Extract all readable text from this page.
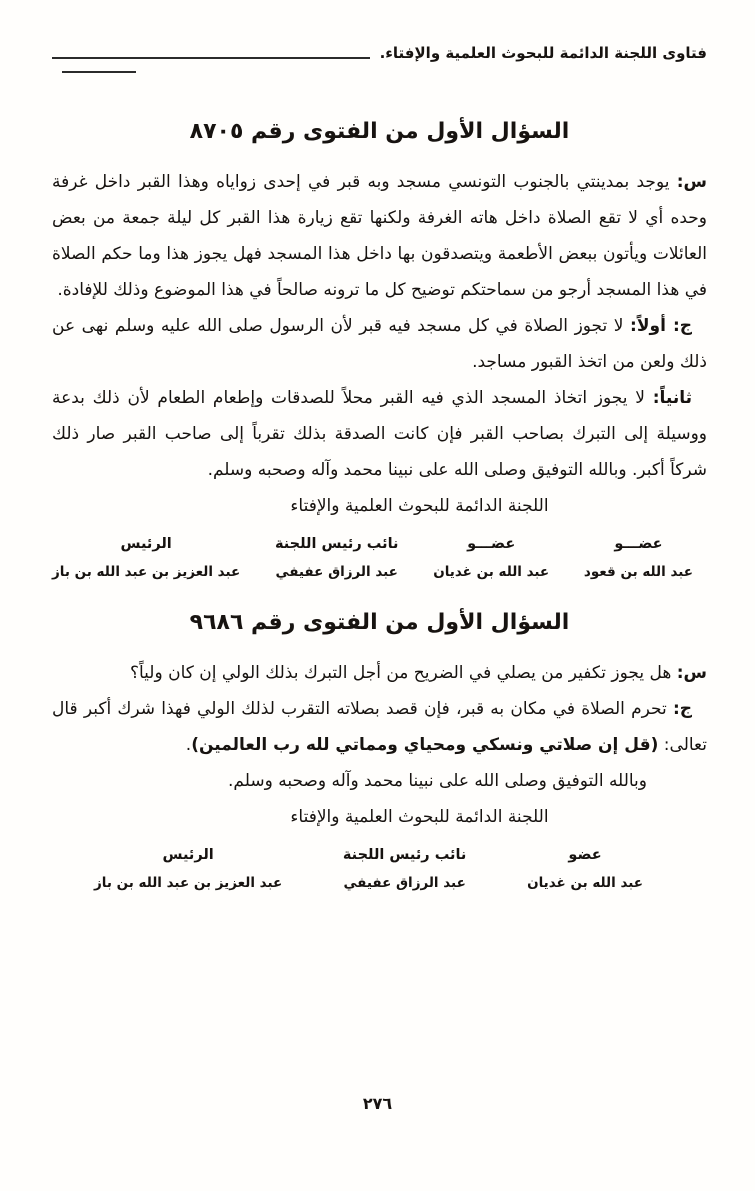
فتاوى اللجنة الدائمة للبحوث العلمية والإفتاء.
السؤال الأول من الفتوى رقم ٨٧٠٥

س: يوجد بمدينتي بالجنوب التونسي مسجد وبه قبر في إحدى زواياه وهذا القبر داخل غرفة وحده أي لا تقع الصلاة داخل هاته الغرفة ولكنها تقع زيارة هذا القبر كل ليلة جمعة من بعض العائلات ويأتون ببعض الأطعمة ويتصدقون بها داخل هذا المسجد فهل يجوز هذا وما حكم الصلاة في هذا المسجد أرجو من سماحتكم توضيح كل ما ترونه صالحاً في هذا الموضوع وذلك للإفادة.

ج: أولاً: لا تجوز الصلاة في كل مسجد فيه قبر لأن الرسول صلى الله عليه وسلم نهى عن ذلك ولعن من اتخذ القبور مساجد.

ثانياً: لا يجوز اتخاذ المسجد الذي فيه القبر محلاً للصدقات وإطعام الطعام لأن ذلك بدعة ووسيلة إلى التبرك بصاحب القبر فإن كانت الصدقة بذلك تقرباً إلى صاحب القبر صار ذلك شركاً أكبر. وبالله التوفيق وصلى الله على نبينا محمد وآله وصحبه وسلم.

اللجنة الدائمة للبحوث العلمية والإفتاء

عضـــو
عبد الله بن قعود
عضـــو
عبد الله بن غديان
نائب رئيس اللجنة
عبد الرزاق عفيفي
الرئيس
عبد العزيز بن عبد الله بن باز
السؤال الأول من الفتوى رقم ٩٦٨٦

س: هل يجوز تكفير من يصلي في الضريح من أجل التبرك بذلك الولي إن كان ولياً؟

ج: تحرم الصلاة في مكان به قبر، فإن قصد بصلاته التقرب لذلك الولي فهذا شرك أكبر قال تعالى: (قل إن صلاتي ونسكي ومحياي ومماتي لله رب العالمين).

وبالله التوفيق وصلى الله على نبينا محمد وآله وصحبه وسلم.

اللجنة الدائمة للبحوث العلمية والإفتاء

عضو
عبد الله بن غديان
نائب رئيس اللجنة
عبد الرزاق عفيفي
الرئيس
عبد العزيز بن عبد الله بن باز
٢٧٦
